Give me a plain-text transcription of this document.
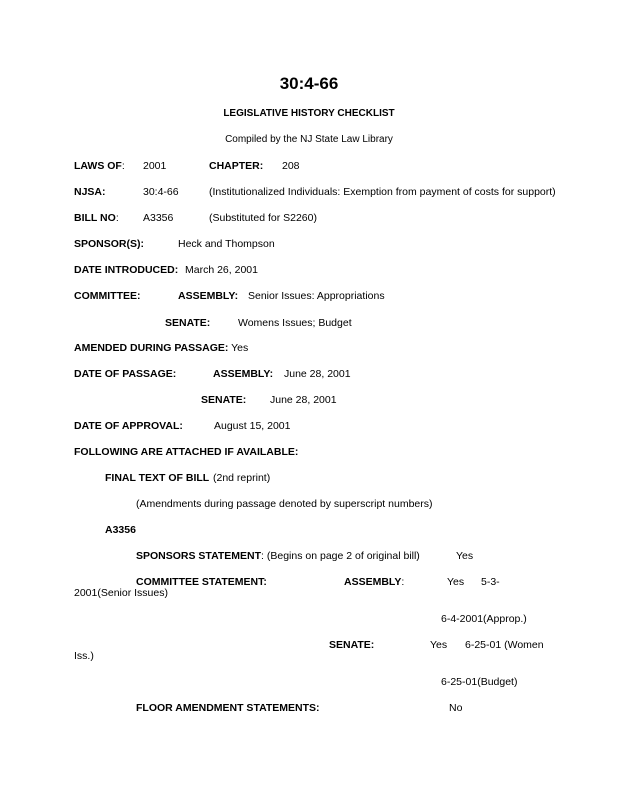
30:4-66
LEGISLATIVE HISTORY CHECKLIST
Compiled by the NJ State Law Library
LAWS OF: 2001	CHAPTER: 208
NJSA:	30:4-66	(Institutionalized Individuals: Exemption from payment of costs for support)
BILL NO: A3356	(Substituted for S2260)
SPONSOR(S):	Heck and Thompson
DATE INTRODUCED: March 26, 2001
COMMITTEE:	ASSEMBLY: Senior Issues: Appropriations
SENATE:	Womens Issues; Budget
AMENDED DURING PASSAGE: Yes
DATE OF PASSAGE:	ASSEMBLY: June 28, 2001
SENATE: June 28, 2001
DATE OF APPROVAL:	August 15, 2001
FOLLOWING ARE ATTACHED IF AVAILABLE:
FINAL TEXT OF BILL (2nd reprint)
(Amendments during passage denoted by superscript numbers)
A3356
SPONSORS STATEMENT: (Begins on page 2 of original bill)	Yes
COMMITTEE STATEMENT:	ASSEMBLY:	Yes 5-3-
2001(Senior Issues)
6-4-2001(Approp.)
SENATE:	Yes 6-25-01 (Women
Iss.)
6-25-01(Budget)
FLOOR AMENDMENT STATEMENTS:	No
